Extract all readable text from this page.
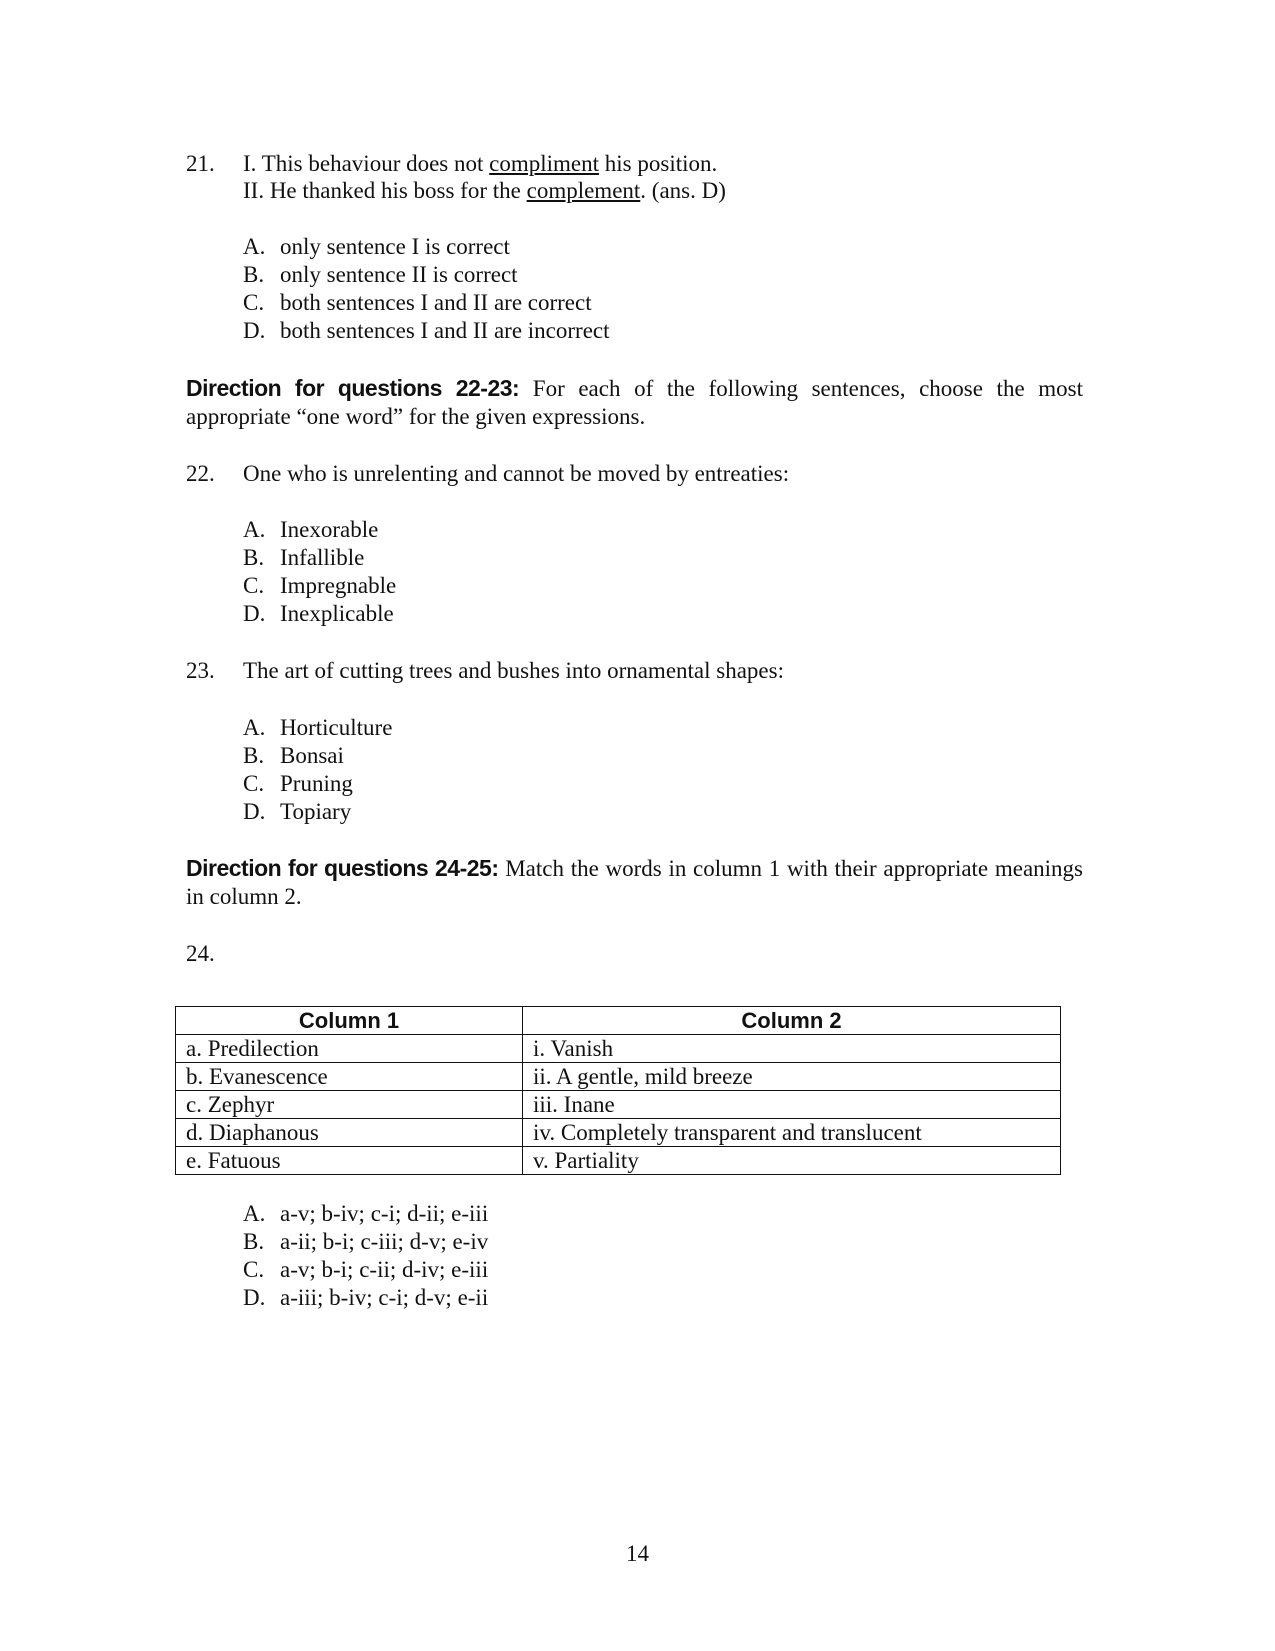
21. I. This behaviour does not compliment his position.
II. He thanked his boss for the complement. (ans. D)
A. only sentence I is correct
B. only sentence II is correct
C. both sentences I and II are correct
D. both sentences I and II are incorrect
Direction for questions 22-23: For each of the following sentences, choose the most appropriate “one word” for the given expressions.
22. One who is unrelenting and cannot be moved by entreaties:
A. Inexorable
B. Infallible
C. Impregnable
D. Inexplicable
23. The art of cutting trees and bushes into ornamental shapes:
A. Horticulture
B. Bonsai
C. Pruning
D. Topiary
Direction for questions 24-25: Match the words in column 1 with their appropriate meanings in column 2.
24.
Column 1	Column 2
a. Predilection	i. Vanish
b. Evanescence	ii. A gentle, mild breeze
c. Zephyr	iii. Inane
d. Diaphanous	iv. Completely transparent and translucent
e. Fatuous	v. Partiality
A. a-v; b-iv; c-i; d-ii; e-iii
B. a-ii; b-i; c-iii; d-v; e-iv
C. a-v; b-i; c-ii; d-iv; e-iii
D. a-iii; b-iv; c-i; d-v; e-ii
14
